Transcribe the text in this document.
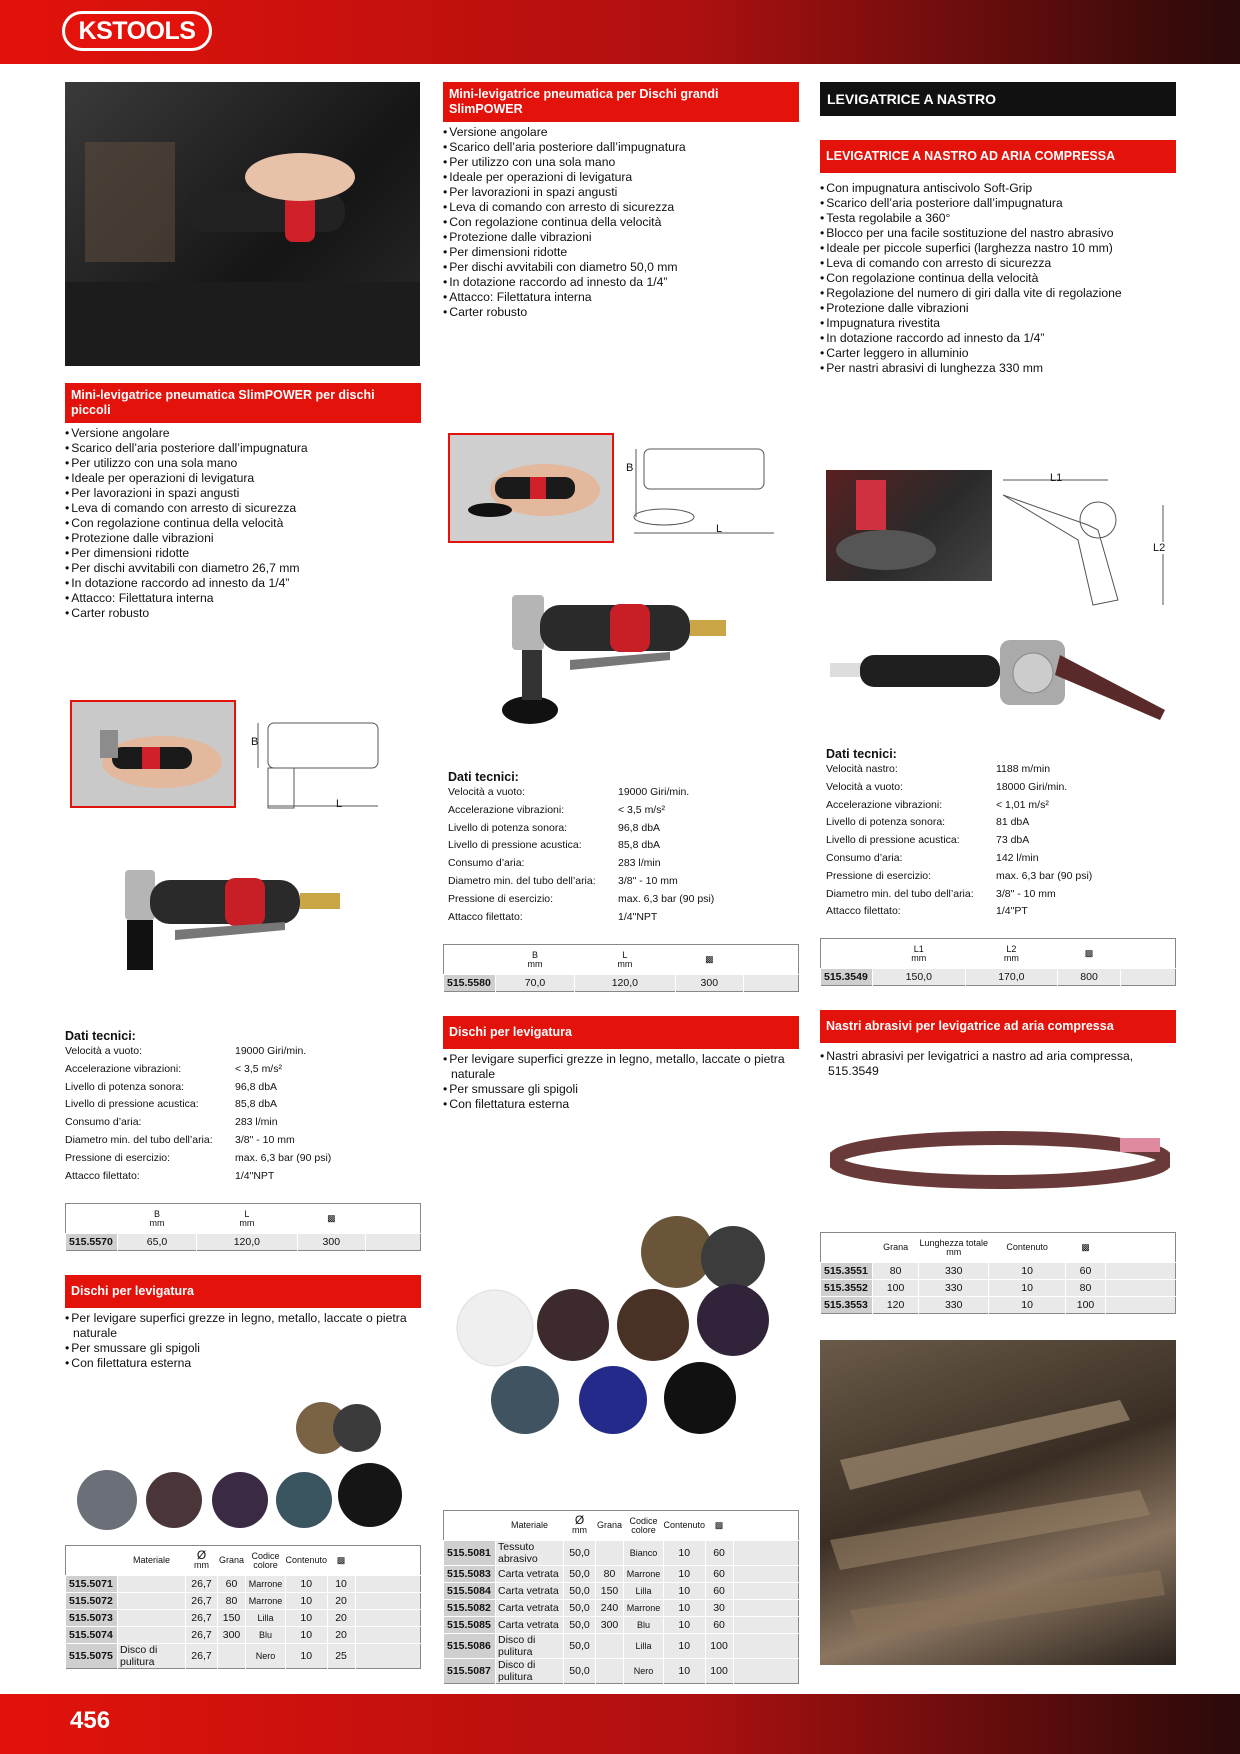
KSTOOLS
Mini-levigatrice pneumatica SlimPOWER per dischi piccoli
• Versione angolare
• Scarico dell’aria posteriore dall’impugnatura
• Per utilizzo con una sola mano
• Ideale per operazioni di levigatura
• Per lavorazioni in spazi angusti
• Leva di comando con arresto di sicurezza
• Con regolazione continua della velocità
• Protezione dalle vibrazioni
• Per dimensioni ridotte
• Per dischi avvitabili con diametro 26,7 mm
• In dotazione raccordo ad innesto da 1/4”
• Attacco: Filettatura interna
• Carter robusto
B
L
Dati tecnici:
Velocità a vuoto:	19000 Giri/min.
Accelerazione vibrazioni:	< 3,5 m/s²
Livello di potenza sonora:	96,8 dbA
Livello di pressione acustica:	85,8 dbA
Consumo d’aria:	283 l/min
Diametro min. del tubo dell’aria:	3/8" - 10 mm
Pressione di esercizio:	max. 6,3 bar (90 psi)
Attacco filettato:	1/4"NPT
	B
mm	L
mm	▩	
515.5570	65,0	120,0	300	
Dischi per levigatura
• Per levigare superfici grezze in legno, metallo, laccate o pietra naturale
• Per smussare gli spigoli
• Con filettatura esterna
	Materiale	Ø
mm	Grana	Codice colore	Contenuto	▩	
515.5071		26,7	60	Marrone	10	10	
515.5072		26,7	80	Marrone	10	20	
515.5073		26,7	150	Lilla	10	20	
515.5074		26,7	300	Blu	10	20	
515.5075	Disco di pulitura	26,7		Nero	10	25	
Mini-levigatrice pneumatica per Dischi grandi SlimPOWER
• Versione angolare
• Scarico dell’aria posteriore dall’impugnatura
• Per utilizzo con una sola mano
• Ideale per operazioni di levigatura
• Per lavorazioni in spazi angusti
• Leva di comando con arresto di sicurezza
• Con regolazione continua della velocità
• Protezione dalle vibrazioni
• Per dimensioni ridotte
• Per dischi avvitabili con diametro 50,0 mm
• In dotazione raccordo ad innesto da 1/4”
• Attacco: Filettatura interna
• Carter robusto
B
L
Dati tecnici:
Velocità a vuoto:	19000 Giri/min.
Accelerazione vibrazioni:	< 3,5 m/s²
Livello di potenza sonora:	96,8 dbA
Livello di pressione acustica:	85,8 dbA
Consumo d’aria:	283 l/min
Diametro min. del tubo dell’aria:	3/8" - 10 mm
Pressione di esercizio:	max. 6,3 bar (90 psi)
Attacco filettato:	1/4"NPT
	B
mm	L
mm	▩	
515.5580	70,0	120,0	300	
Dischi per levigatura
• Per levigare superfici grezze in legno, metallo, laccate o pietra naturale
• Per smussare gli spigoli
• Con filettatura esterna
	Materiale	Ø
mm	Grana	Codice colore	Contenuto	▩	
515.5081	Tessuto abrasivo	50,0		Bianco	10	60	
515.5083	Carta vetrata	50,0	80	Marrone	10	60	
515.5084	Carta vetrata	50,0	150	Lilla	10	60	
515.5082	Carta vetrata	50,0	240	Marrone	10	30	
515.5085	Carta vetrata	50,0	300	Blu	10	60	
515.5086	Disco di pulitura	50,0		Lilla	10	100	
515.5087	Disco di pulitura	50,0		Nero	10	100	
LEVIGATRICE A NASTRO
LEVIGATRICE A NASTRO AD ARIA COMPRESSA
• Con impugnatura antiscivolo Soft-Grip
• Scarico dell’aria posteriore dall’impugnatura
• Testa regolabile a 360°
• Blocco per una facile sostituzione del nastro abrasivo
• Ideale per piccole superfici (larghezza nastro 10 mm)
• Leva di comando con arresto di sicurezza
• Con regolazione continua della velocità
• Regolazione del numero di giri dalla vite di regolazione
• Protezione dalle vibrazioni
• Impugnatura rivestita
• In dotazione raccordo ad innesto da 1/4”
• Carter leggero in alluminio
• Per nastri abrasivi di lunghezza 330 mm
L1
L2
Dati tecnici:
Velocità nastro:	1188 m/min
Velocità a vuoto:	18000 Giri/min.
Accelerazione vibrazioni:	< 1,01 m/s²
Livello di potenza sonora:	81 dbA
Livello di pressione acustica:	73 dbA
Consumo d’aria:	142 l/min
Pressione di esercizio:	max. 6,3 bar (90 psi)
Diametro min. del tubo dell’aria:	3/8" - 10 mm
Attacco filettato:	1/4"PT
	L1
mm	L2
mm	▩	
515.3549	150,0	170,0	800	
Nastri abrasivi per levigatrice ad aria compressa
• Nastri abrasivi per levigatrici a nastro ad aria compressa, 515.3549
	Grana	Lunghezza totale mm	Contenuto	▩	
515.3551	80	330	10	60	
515.3552	100	330	10	80	
515.3553	120	330	10	100	
456
